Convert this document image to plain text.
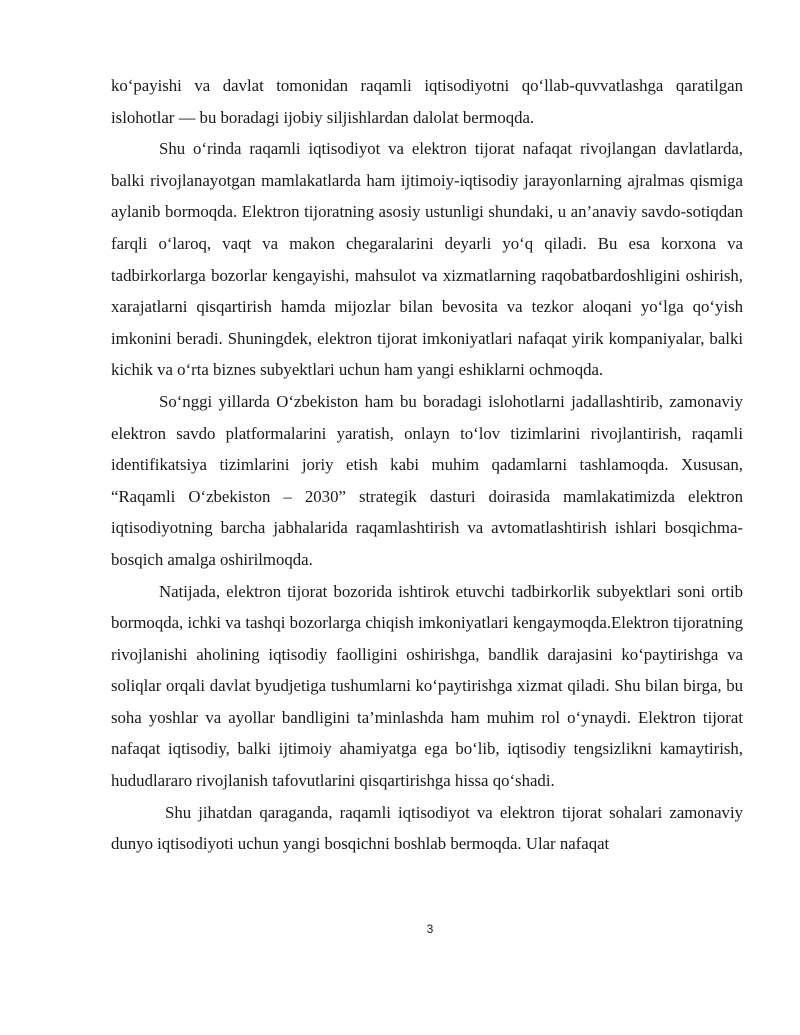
ko‘payishi va davlat tomonidan raqamli iqtisodiyotni qo‘llab-quvvatlashga qaratilgan islohotlar — bu boradagi ijobiy siljishlardan dalolat bermoqda.

Shu o‘rinda raqamli iqtisodiyot va elektron tijorat nafaqat rivojlangan davlatlarda, balki rivojlanayotgan mamlakatlarda ham ijtimoiy-iqtisodiy jarayonlarning ajralmas qismiga aylanib bormoqda. Elektron tijoratning asosiy ustunligi shundaki, u an’anaviy savdo-sotiqdan farqli o‘laroq, vaqt va makon chegaralarini deyarli yo‘q qiladi. Bu esa korxona va tadbirkorlarga bozorlar kengayishi, mahsulot va xizmatlarning raqobatbardoshligini oshirish, xarajatlarni qisqartirish hamda mijozlar bilan bevosita va tezkor aloqani yo‘lga qo‘yish imkonini beradi. Shuningdek, elektron tijorat imkoniyatlari nafaqat yirik kompaniyalar, balki kichik va o‘rta biznes subyektlari uchun ham yangi eshiklarni ochmoqda.

So‘nggi yillarda O‘zbekiston ham bu boradagi islohotlarni jadallashtirib, zamonaviy elektron savdo platformalarini yaratish, onlayn to‘lov tizimlarini rivojlantirish, raqamli identifikatsiya tizimlarini joriy etish kabi muhim qadamlarni tashlamoqda. Xususan, “Raqamli O‘zbekiston – 2030” strategik dasturi doirasida mamlakatimizda elektron iqtisodiyotning barcha jabhalarida raqamlashtirish va avtomatlashtirish ishlari bosqichma-bosqich amalga oshirilmoqda.

Natijada, elektron tijorat bozorida ishtirok etuvchi tadbirkorlik subyektlari soni ortib bormoqda, ichki va tashqi bozorlarga chiqish imkoniyatlari kengaymoqda.Elektron tijoratning rivojlanishi aholining iqtisodiy faolligini oshirishga, bandlik darajasini ko‘paytirishga va soliqlar orqali davlat byudjetiga tushumlarni ko‘paytirishga xizmat qiladi. Shu bilan birga, bu soha yoshlar va ayollar bandligini ta’minlashda ham muhim rol o‘ynaydi. Elektron tijorat nafaqat iqtisodiy, balki ijtimoiy ahamiyatga ega bo‘lib, iqtisodiy tengsizlikni kamaytirish, hududlararo rivojlanish tafovutlarini qisqartirishga hissa qo‘shadi.

Shu jihatdan qaraganda, raqamli iqtisodiyot va elektron tijorat sohalari zamonaviy dunyo iqtisodiyoti uchun yangi bosqichni boshlab bermoqda. Ular nafaqat

3
